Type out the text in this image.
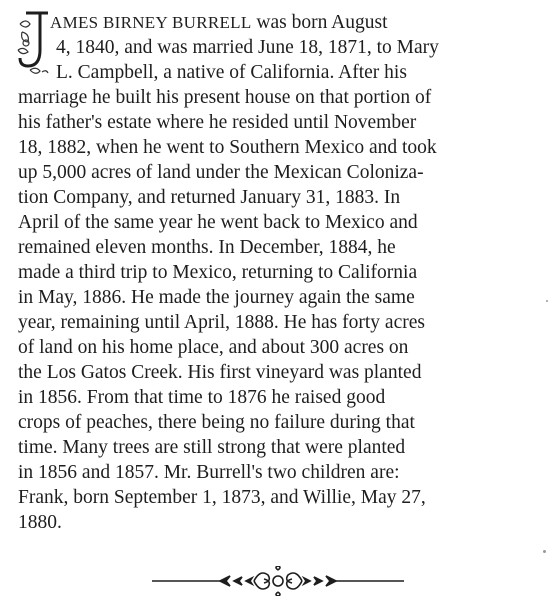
AMES BIRNEY BURRELL was born August
4, 1840, and was married June 18, 1871, to Mary
L. Campbell, a native of California. After his
marriage he built his present house on that portion of
his father's estate where he resided until November
18, 1882, when he went to Southern Mexico and took
up 5,000 acres of land under the Mexican Coloniza-
tion Company, and returned January 31, 1883. In
April of the same year he went back to Mexico and
remained eleven months. In December, 1884, he
made a third trip to Mexico, returning to California
in May, 1886. He made the journey again the same
year, remaining until April, 1888. He has forty acres
of land on his home place, and about 300 acres on
the Los Gatos Creek. His first vineyard was planted
in 1856. From that time to 1876 he raised good
crops of peaches, there being no failure during that
time. Many trees are still strong that were planted
in 1856 and 1857. Mr. Burrell's two children are:
Frank, born September 1, 1873, and Willie, May 27,
1880.
